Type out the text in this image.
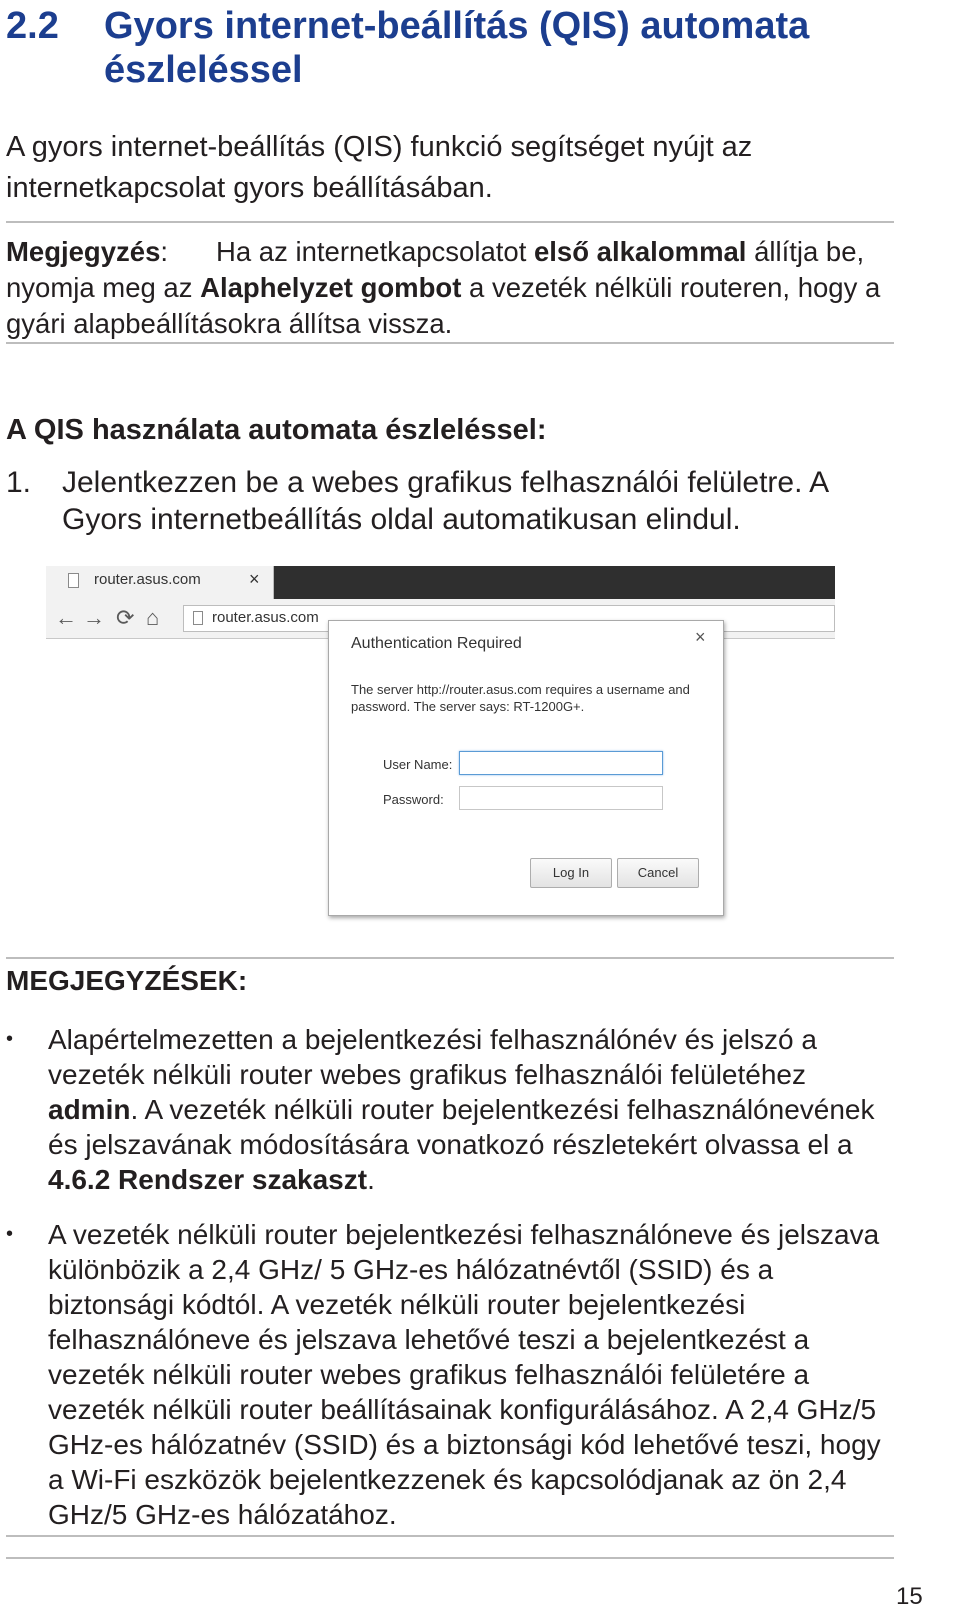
2.2 Gyors internet-beállítás (QIS) automata
észleléssel

A gyors internet-beállítás (QIS) funkció segítséget nyújt az internetkapcsolat gyors beállításában.

Megjegyzés: Ha az internetkapcsolatot első alkalommal állítja be, nyomja meg az Alaphelyzet gombot a vezeték nélküli routeren, hogy a gyári alapbeállításokra állítsa vissza.

A QIS használata automata észleléssel:

1.	Jelentkezzen be a webes grafikus felhasználói felületre. A Gyors internetbeállítás oldal automatikusan elindul.

router.asus.com	×
← → ⟳ ⌂	router.asus.com
Authentication Required	×
The server http://router.asus.com requires a username and password. The server says: RT-1200G+.
User Name:
Password:
Log In	Cancel
MEGJEGYZÉSEK:
• Alapértelmezetten a bejelentkezési felhasználónév és jelszó a vezeték nélküli router webes grafikus felhasználói felületéhez admin. A vezeték nélküli router bejelentkezési felhasználónevének és jelszavának módosítására vonatkozó részletekért olvassa el a 4.6.2 Rendszer szakaszt.
• A vezeték nélküli router bejelentkezési felhasználóneve és jelszava különbözik a 2,4 GHz/ 5 GHz-es hálózatnévtől (SSID) és a biztonsági kódtól. A vezeték nélküli router bejelentkezési felhasználóneve és jelszava lehetővé teszi a bejelentkezést a vezeték nélküli router webes grafikus felhasználói felületére a vezeték nélküli router beállításainak konfigurálásához. A 2,4 GHz/5 GHz-es hálózatnév (SSID) és a biztonsági kód lehetővé teszi, hogy a Wi-Fi eszközök bejelentkezzenek és kapcsolódjanak az ön 2,4 GHz/5 GHz-es hálózatához.
15
